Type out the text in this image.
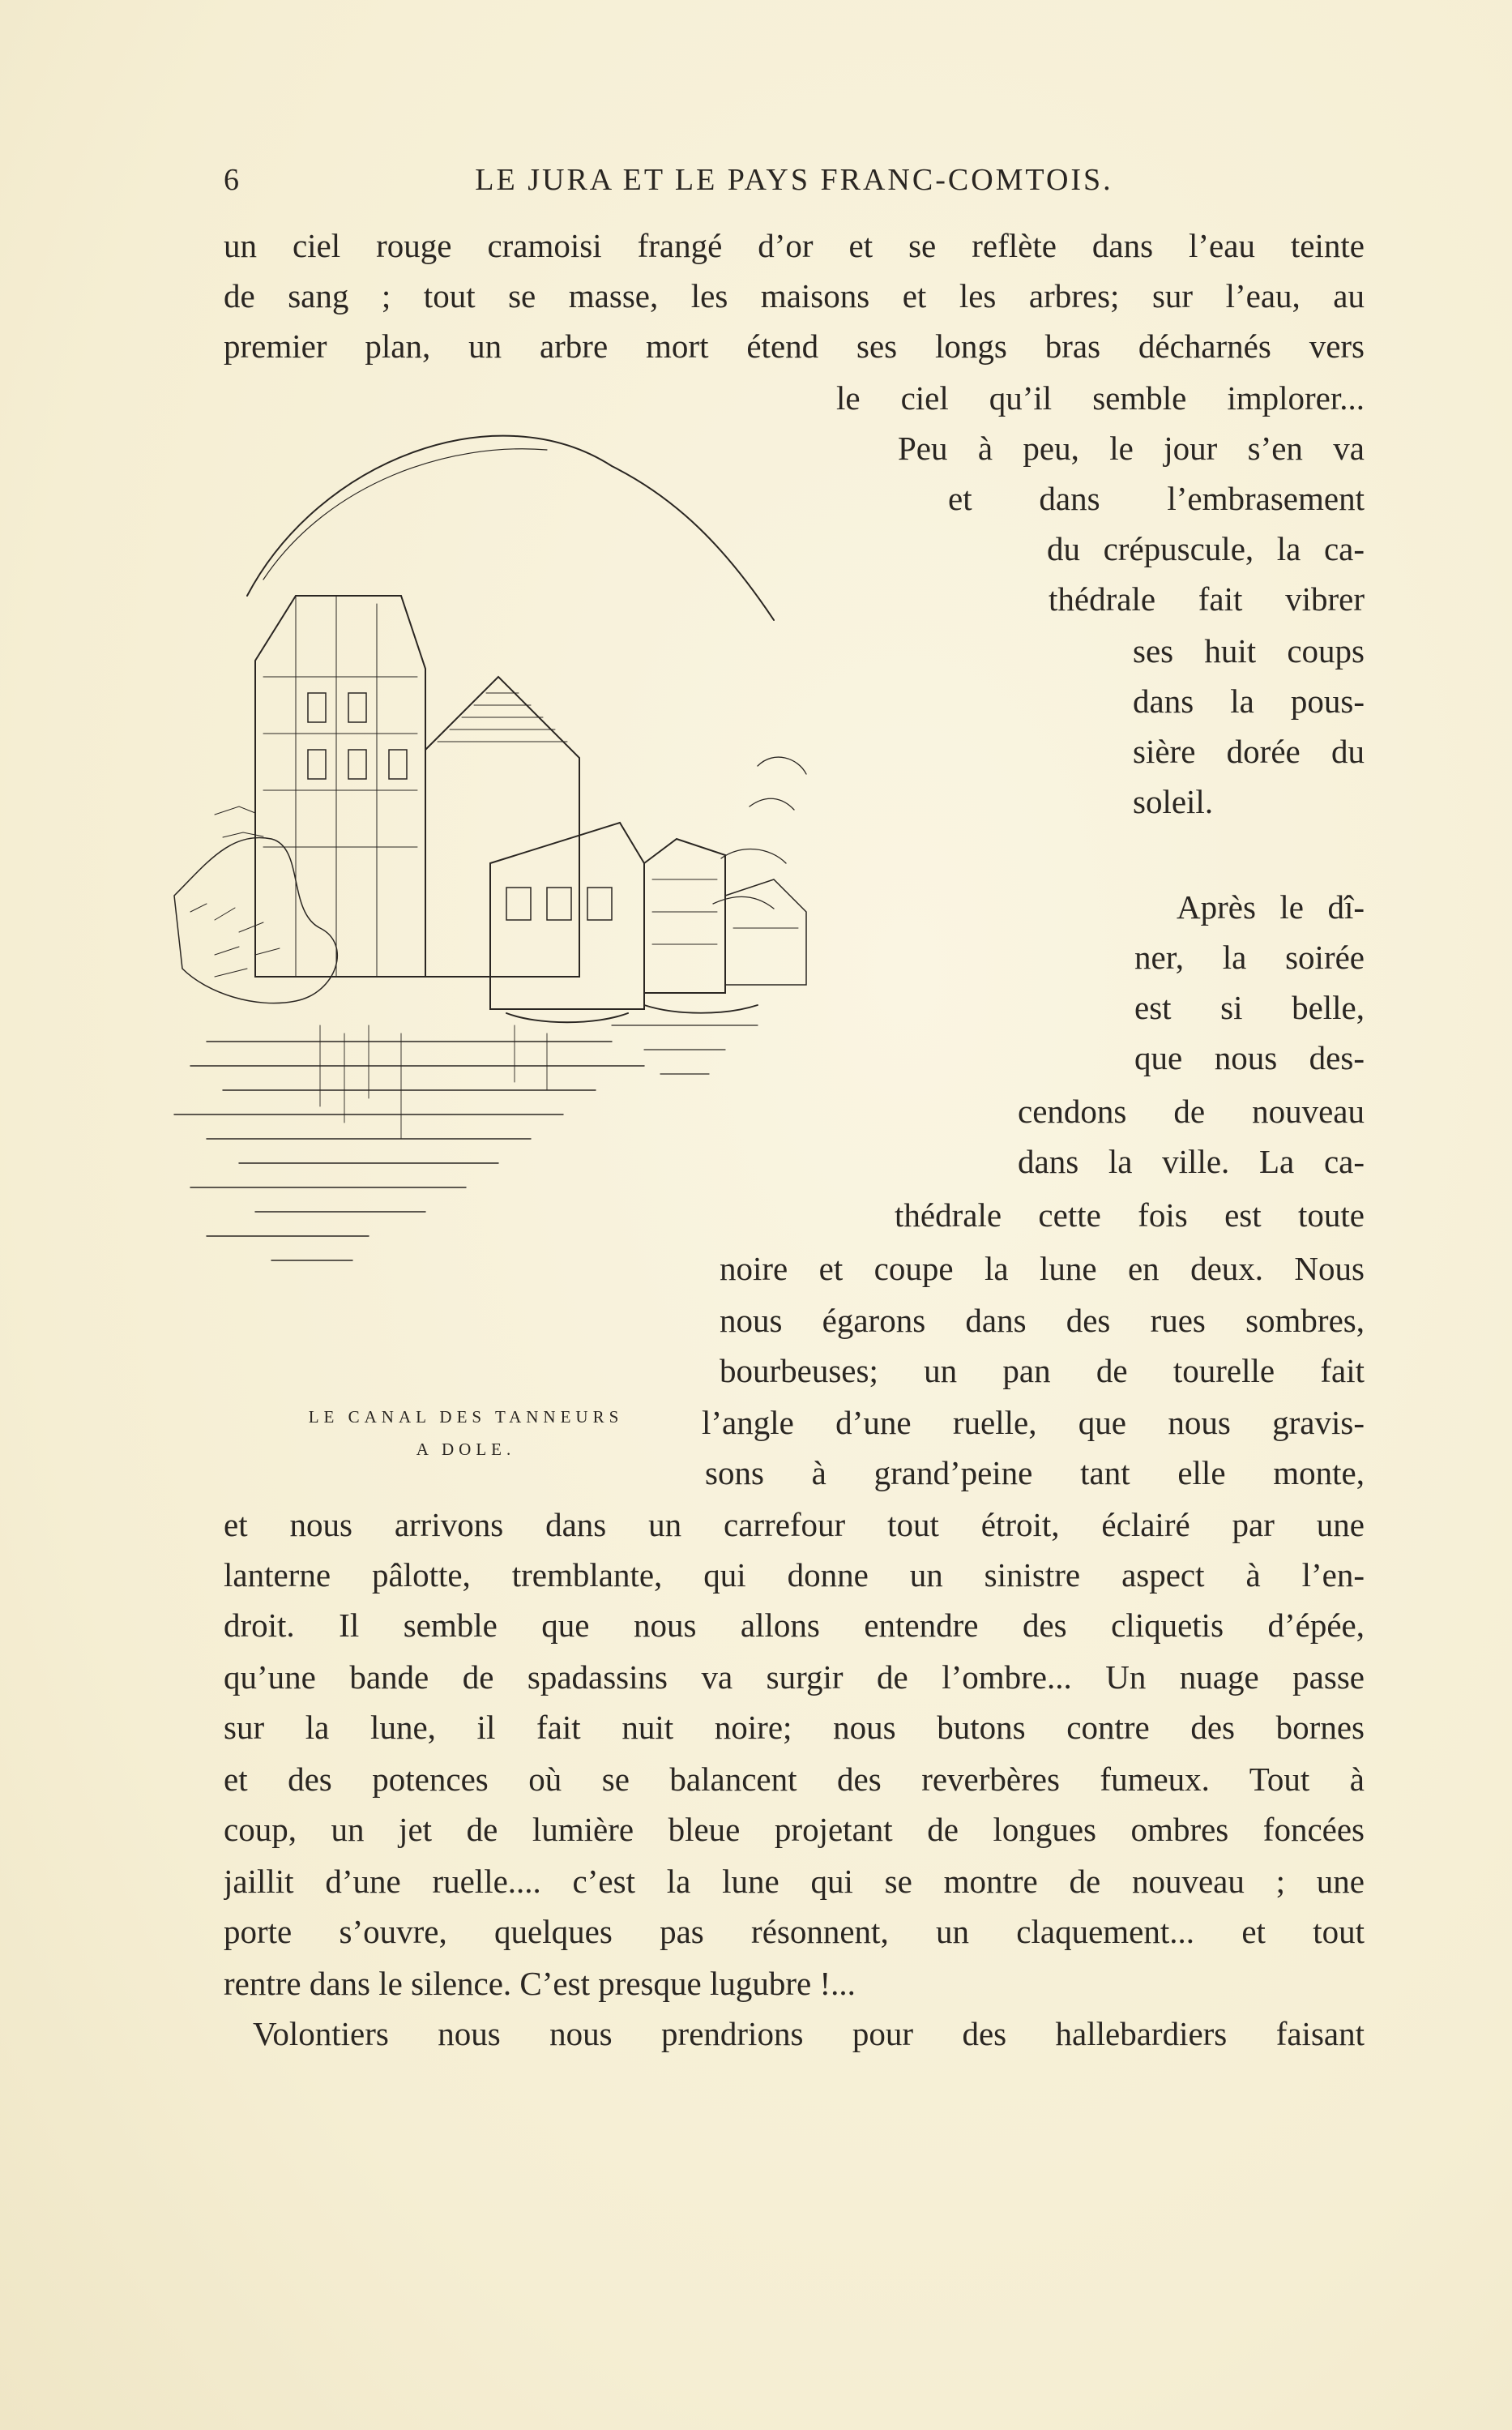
6	LE JURA ET LE PAYS FRANC-COMTOIS.
un ciel rouge cramoisi frangé d’or et se reflète dans l’eau teinte
de sang ; tout se masse, les maisons et les arbres; sur l’eau, au
premier plan, un arbre mort étend ses longs bras décharnés vers
le ciel qu’il semble implorer...
Peu à peu, le jour s’en va
et dans l’embrasement
du crépuscule, la ca-
thédrale fait vibrer
ses huit coups
dans la pous-
sière dorée du
soleil.
Après le dî-
ner, la soirée
est si belle,
que nous des-
cendons de nouveau
dans la ville. La ca-
thédrale cette fois est toute
noire et coupe la lune en deux. Nous
nous égarons dans des rues sombres,
bourbeuses; un pan de tourelle fait
l’angle d’une ruelle, que nous gravis-
sons à grand’peine tant elle monte,
LE CANAL DES TANNEURS
A DOLE.
et nous arrivons dans un carrefour tout étroit, éclairé par une
lanterne pâlotte, tremblante, qui donne un sinistre aspect à l’en-
droit. Il semble que nous allons entendre des cliquetis d’épée,
qu’une bande de spadassins va surgir de l’ombre... Un nuage passe
sur la lune, il fait nuit noire; nous butons contre des bornes
et des potences où se balancent des reverbères fumeux. Tout à
coup, un jet de lumière bleue projetant de longues ombres foncées
jaillit d’une ruelle.... c’est la lune qui se montre de nouveau ; une
porte s’ouvre, quelques pas résonnent, un claquement... et tout
rentre dans le silence. C’est presque lugubre !...
Volontiers nous nous prendrions pour des hallebardiers faisant
